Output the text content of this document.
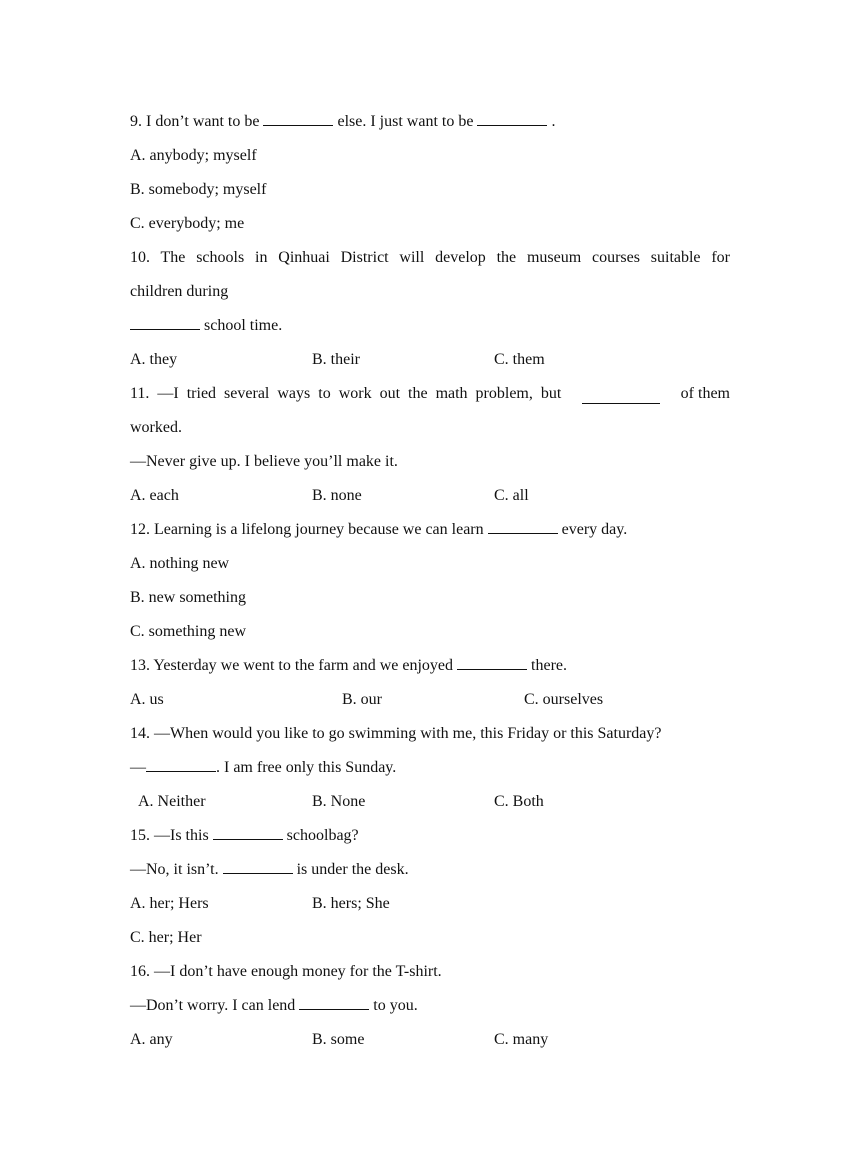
9. I don’t want to be	else. I just want to be	.
A. anybody; myself
B. somebody; myself
C. everybody; me
10. The schools in Qinhuai District will develop the museum courses suitable for
children during
school time.
A. they	B. their	C. them
11. —I tried several ways to work out the math problem, but	of them
worked.
—Never give up. I believe you’ll make it.
A. each	B. none	C. all
12. Learning is a lifelong journey because we can learn	every day.
A. nothing new
B. new something
C. something new
13. Yesterday we went to the farm and we enjoyed	there.
A. us	B. our	C. ourselves
14. —When would you like to go swimming with me, this Friday or this Saturday?
—	. I am free only this Sunday.
A. Neither	B. None	C. Both
15. —Is this	schoolbag?
—No, it isn’t.	is under the desk.
A. her; Hers	B. hers; She
C. her; Her
16. —I don’t have enough money for the T-shirt.
—Don’t worry. I can lend	to you.
A. any	B. some	C. many
